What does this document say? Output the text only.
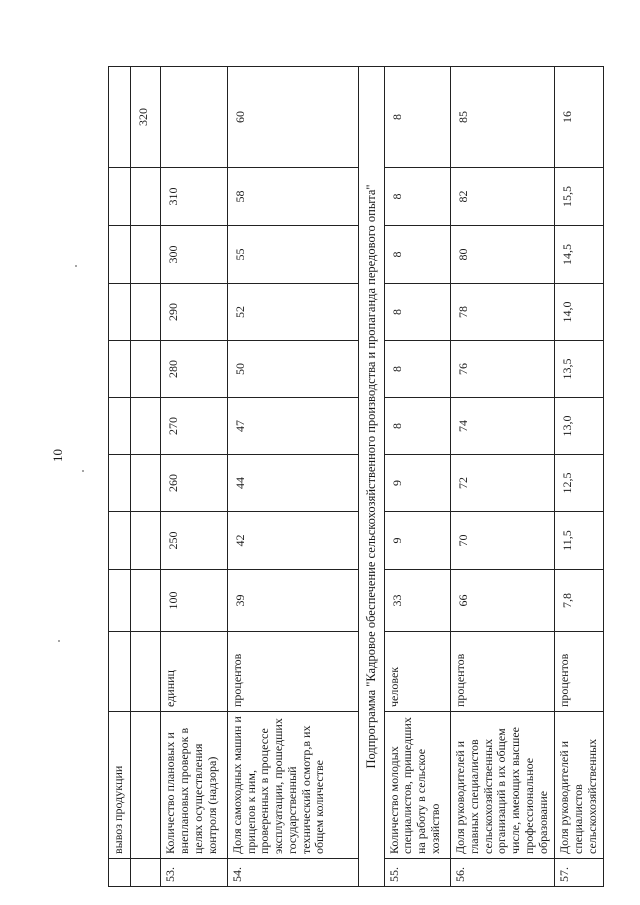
10
	вывоз продукции										
											320
53.	Количество плановых и внеплановых проверок в целях осуществления контроля (надзора)	единиц	100	250	260	270	280	290	300	310	
54.	Доля самоходных машин и прицепов к ним, проверенных в процессе эксплуатации, прошедших государственный технический осмотр,в их общем количестве	процентов	39	42	44	47	50	52	55	58	60
Подпрограмма "Кадровое обеспечение сельскохозяйственного производства и пропаганда передового опыта"											
55.	Количество молодых специалистов, пришедших на работу в сельское хозяйство	человек	33	9	9	8	8	8	8	8	8
56.	Доля руководителей и главных специалистов сельскохозяйственных организаций в их общем числе, имеющих высшее профессиональное образование	процентов	66	70	72	74	76	78	80	82	85
57.	Доля руководителей и специалистов сельскохозяйственных	процентов	7,8	11,5	12,5	13,0	13,5	14,0	14,5	15,5	16
